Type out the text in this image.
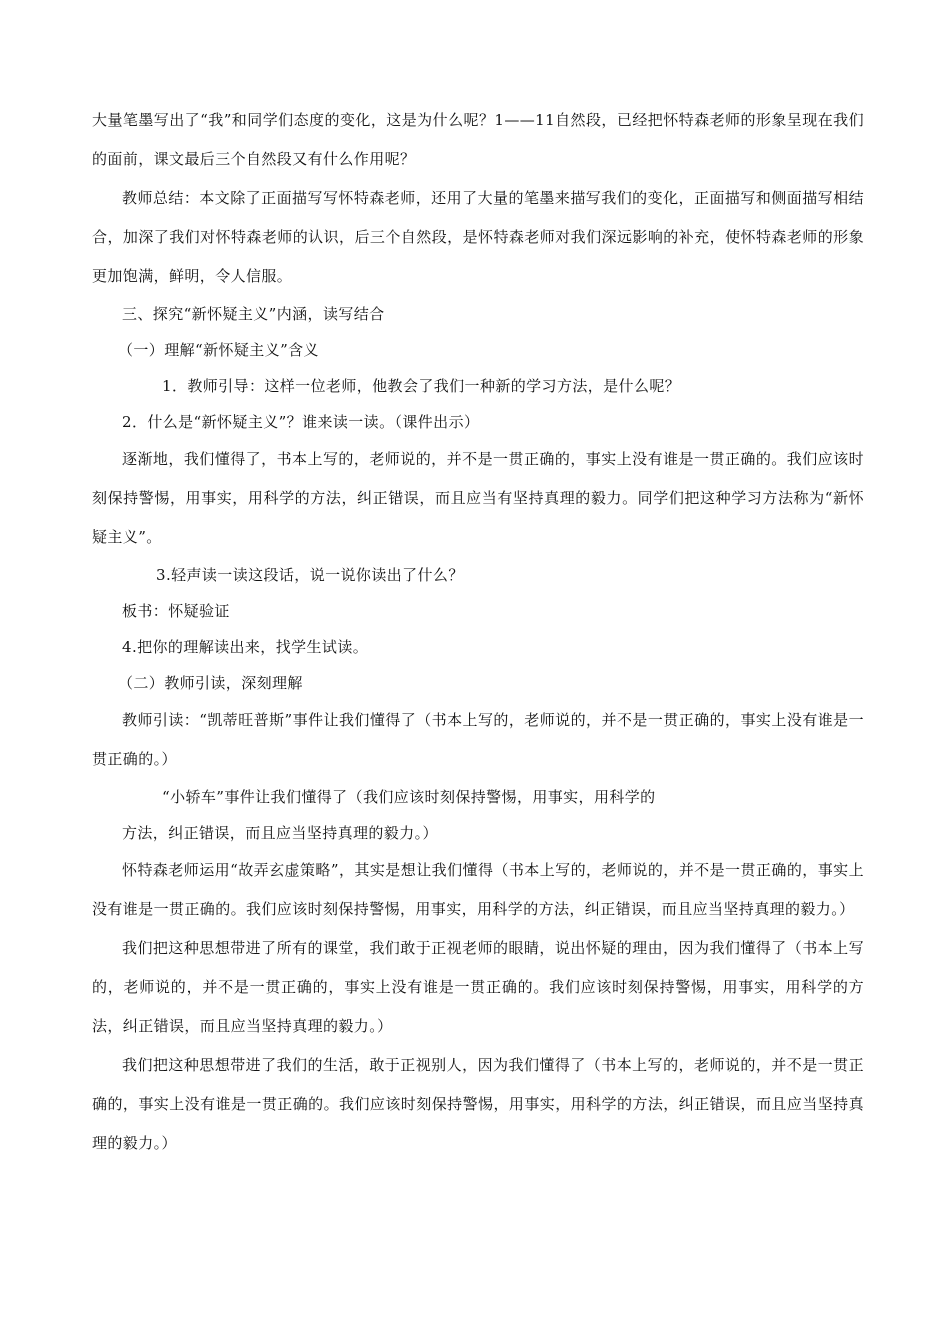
大量笔墨写出了“我”和同学们态度的变化，这是为什么呢？1——11自然段，已经把怀特森老师的形象呈现在我们的面前，课文最后三个自然段又有什么作用呢？

教师总结：本文除了正面描写写怀特森老师，还用了大量的笔墨来描写我们的变化，正面描写和侧面描写相结合，加深了我们对怀特森老师的认识，后三个自然段，是怀特森老师对我们深远影响的补充，使怀特森老师的形象更加饱满，鲜明，令人信服。

三、探究“新怀疑主义”内涵，读写结合

（一）理解“新怀疑主义”含义

1．教师引导：这样一位老师，他教会了我们一种新的学习方法，是什么呢？

2．什么是“新怀疑主义”？谁来读一读。（课件出示）

逐渐地，我们懂得了，书本上写的，老师说的，并不是一贯正确的，事实上没有谁是一贯正确的。我们应该时刻保持警惕，用事实，用科学的方法，纠正错误，而且应当有坚持真理的毅力。同学们把这种学习方法称为“新怀疑主义”。

3.轻声读一读这段话，说一说你读出了什么？

板书：怀疑验证

4.把你的理解读出来，找学生试读。

（二）教师引读，深刻理解

教师引读：“凯蒂旺普斯”事件让我们懂得了（书本上写的，老师说的，并不是一贯正确的，事实上没有谁是一贯正确的。）

“小轿车”事件让我们懂得了（我们应该时刻保持警惕，用事实，用科学的

方法，纠正错误，而且应当坚持真理的毅力。）

怀特森老师运用“故弄玄虚策略”，其实是想让我们懂得（书本上写的，老师说的，并不是一贯正确的，事实上没有谁是一贯正确的。我们应该时刻保持警惕，用事实，用科学的方法，纠正错误，而且应当坚持真理的毅力。）

我们把这种思想带进了所有的课堂，我们敢于正视老师的眼睛，说出怀疑的理由，因为我们懂得了（书本上写的，老师说的，并不是一贯正确的，事实上没有谁是一贯正确的。我们应该时刻保持警惕，用事实，用科学的方法，纠正错误，而且应当坚持真理的毅力。）

我们把这种思想带进了我们的生活，敢于正视别人，因为我们懂得了（书本上写的，老师说的，并不是一贯正确的，事实上没有谁是一贯正确的。我们应该时刻保持警惕，用事实，用科学的方法，纠正错误，而且应当坚持真理的毅力。）
